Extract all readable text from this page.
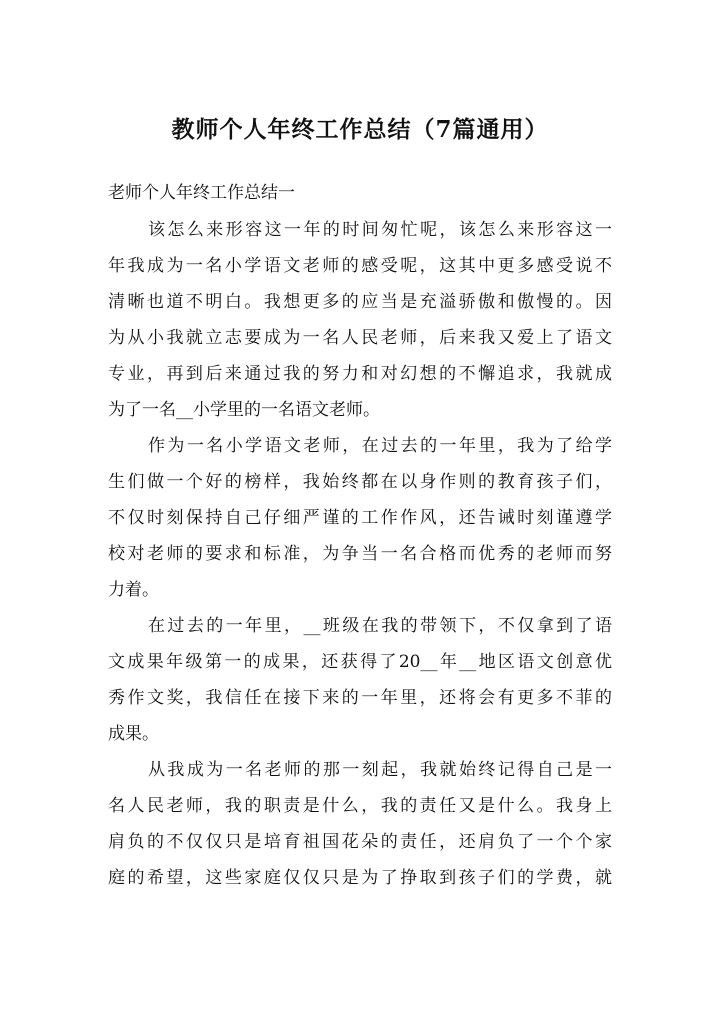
教师个人年终工作总结（7篇通用）
老师个人年终工作总结一
该怎么来形容这一年的时间匆忙呢，该怎么来形容这一
年我成为一名小学语文老师的感受呢，这其中更多感受说不
清晰也道不明白。我想更多的应当是充溢骄傲和傲慢的。因
为从小我就立志要成为一名人民老师，后来我又爱上了语文
专业，再到后来通过我的努力和对幻想的不懈追求，我就成
为了一名__小学里的一名语文老师。
作为一名小学语文老师，在过去的一年里，我为了给学
生们做一个好的榜样，我始终都在以身作则的教育孩子们，
不仅时刻保持自己仔细严谨的工作作风，还告诫时刻谨遵学
校对老师的要求和标准，为争当一名合格而优秀的老师而努
力着。
在过去的一年里，__班级在我的带领下，不仅拿到了语
文成果年级第一的成果，还获得了20__年__地区语文创意优
秀作文奖，我信任在接下来的一年里，还将会有更多不菲的
成果。
从我成为一名老师的那一刻起，我就始终记得自己是一
名人民老师，我的职责是什么，我的责任又是什么。我身上
肩负的不仅仅只是培育祖国花朵的责任，还肩负了一个个家
庭的希望，这些家庭仅仅只是为了挣取到孩子们的学费，就
